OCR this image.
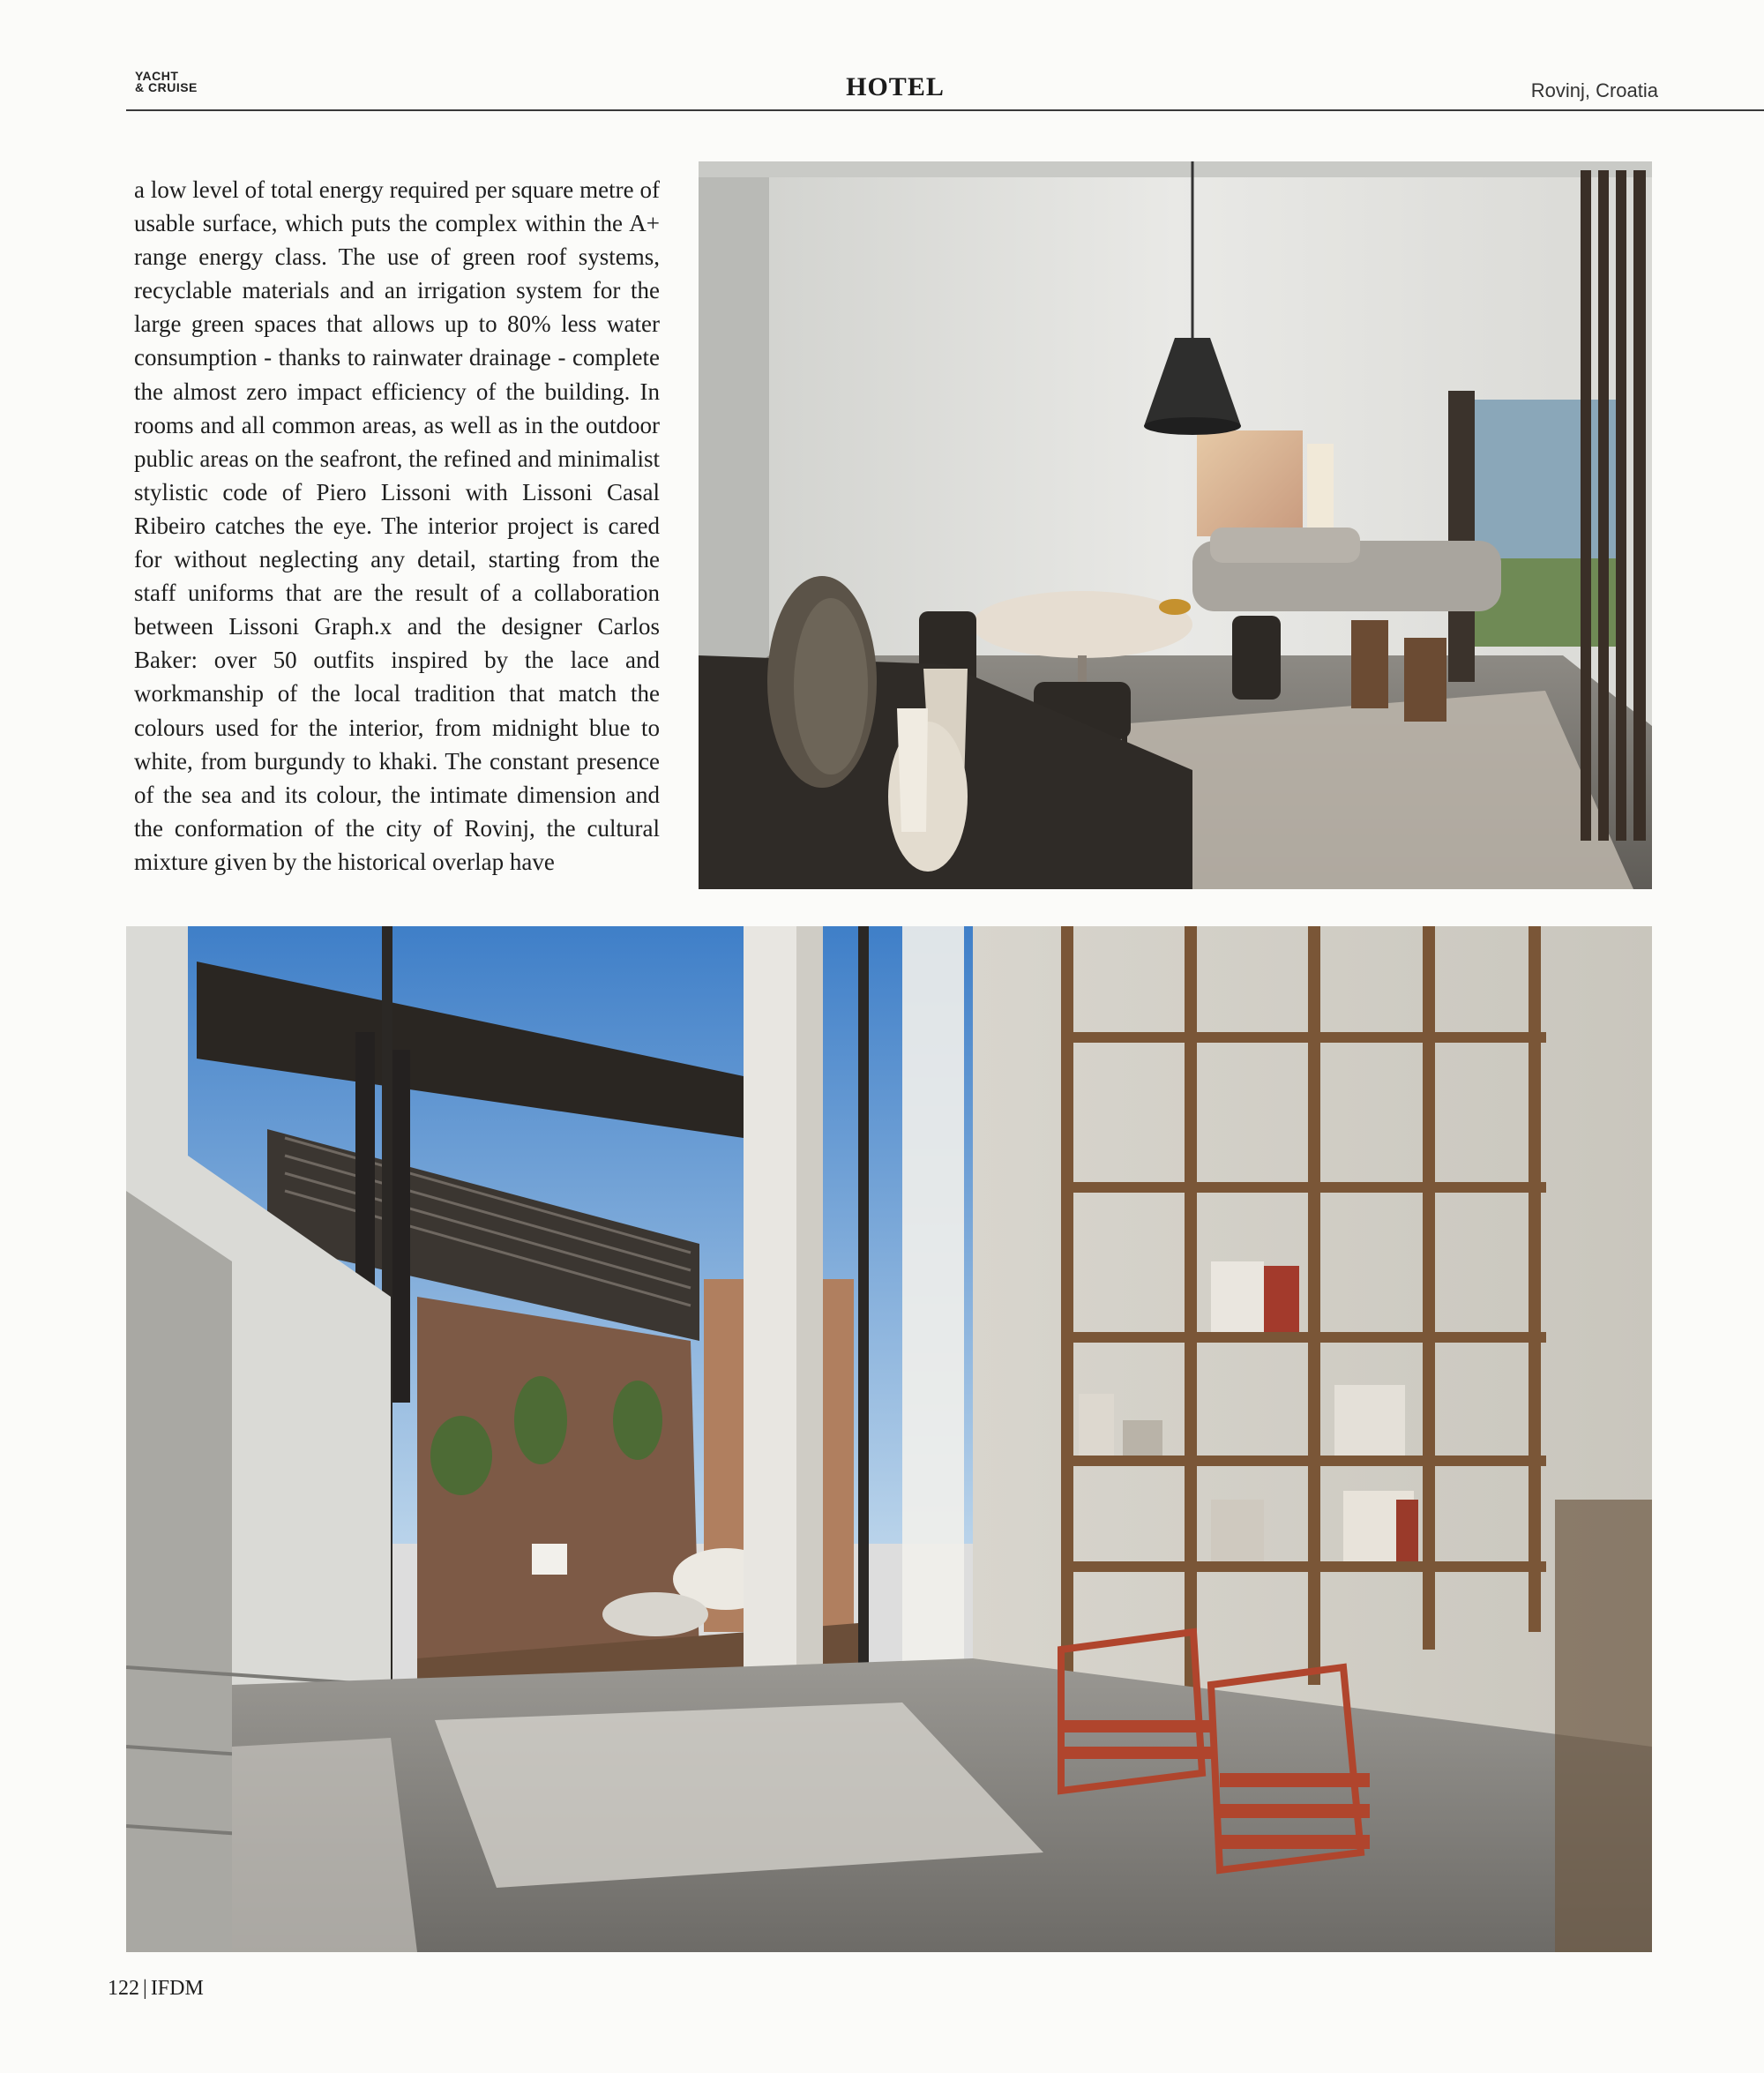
YACHT
& CRUISE	HOTEL	Rovinj, Croatia

a low level of total energy required per square metre of usable surface, which puts the complex within the A+ range energy class. The use of green roof systems, recyclable materials and an irrigation system for the large green spaces that allows up to 80% less water consumption - thanks to rainwater drainage - complete the almost zero impact efficiency of the building. In rooms and all common areas, as well as in the outdoor public areas on the seafront, the refined and minimalist stylistic code of Piero Lissoni with Lissoni Casal Ribeiro catches the eye. The interior project is cared for without neglecting any detail, starting from the staff uniforms that are the result of a collaboration between Lissoni Graph.x and the designer Carlos Baker: over 50 outfits inspired by the lace and workmanship of the local tradition that match the colours used for the interior, from midnight blue to white, from burgundy to khaki. The constant presence of the sea and its colour, the intimate dimension and the conformation of the city of Rovinj, the cultural mixture given by the historical overlap have

122 | IFDM
